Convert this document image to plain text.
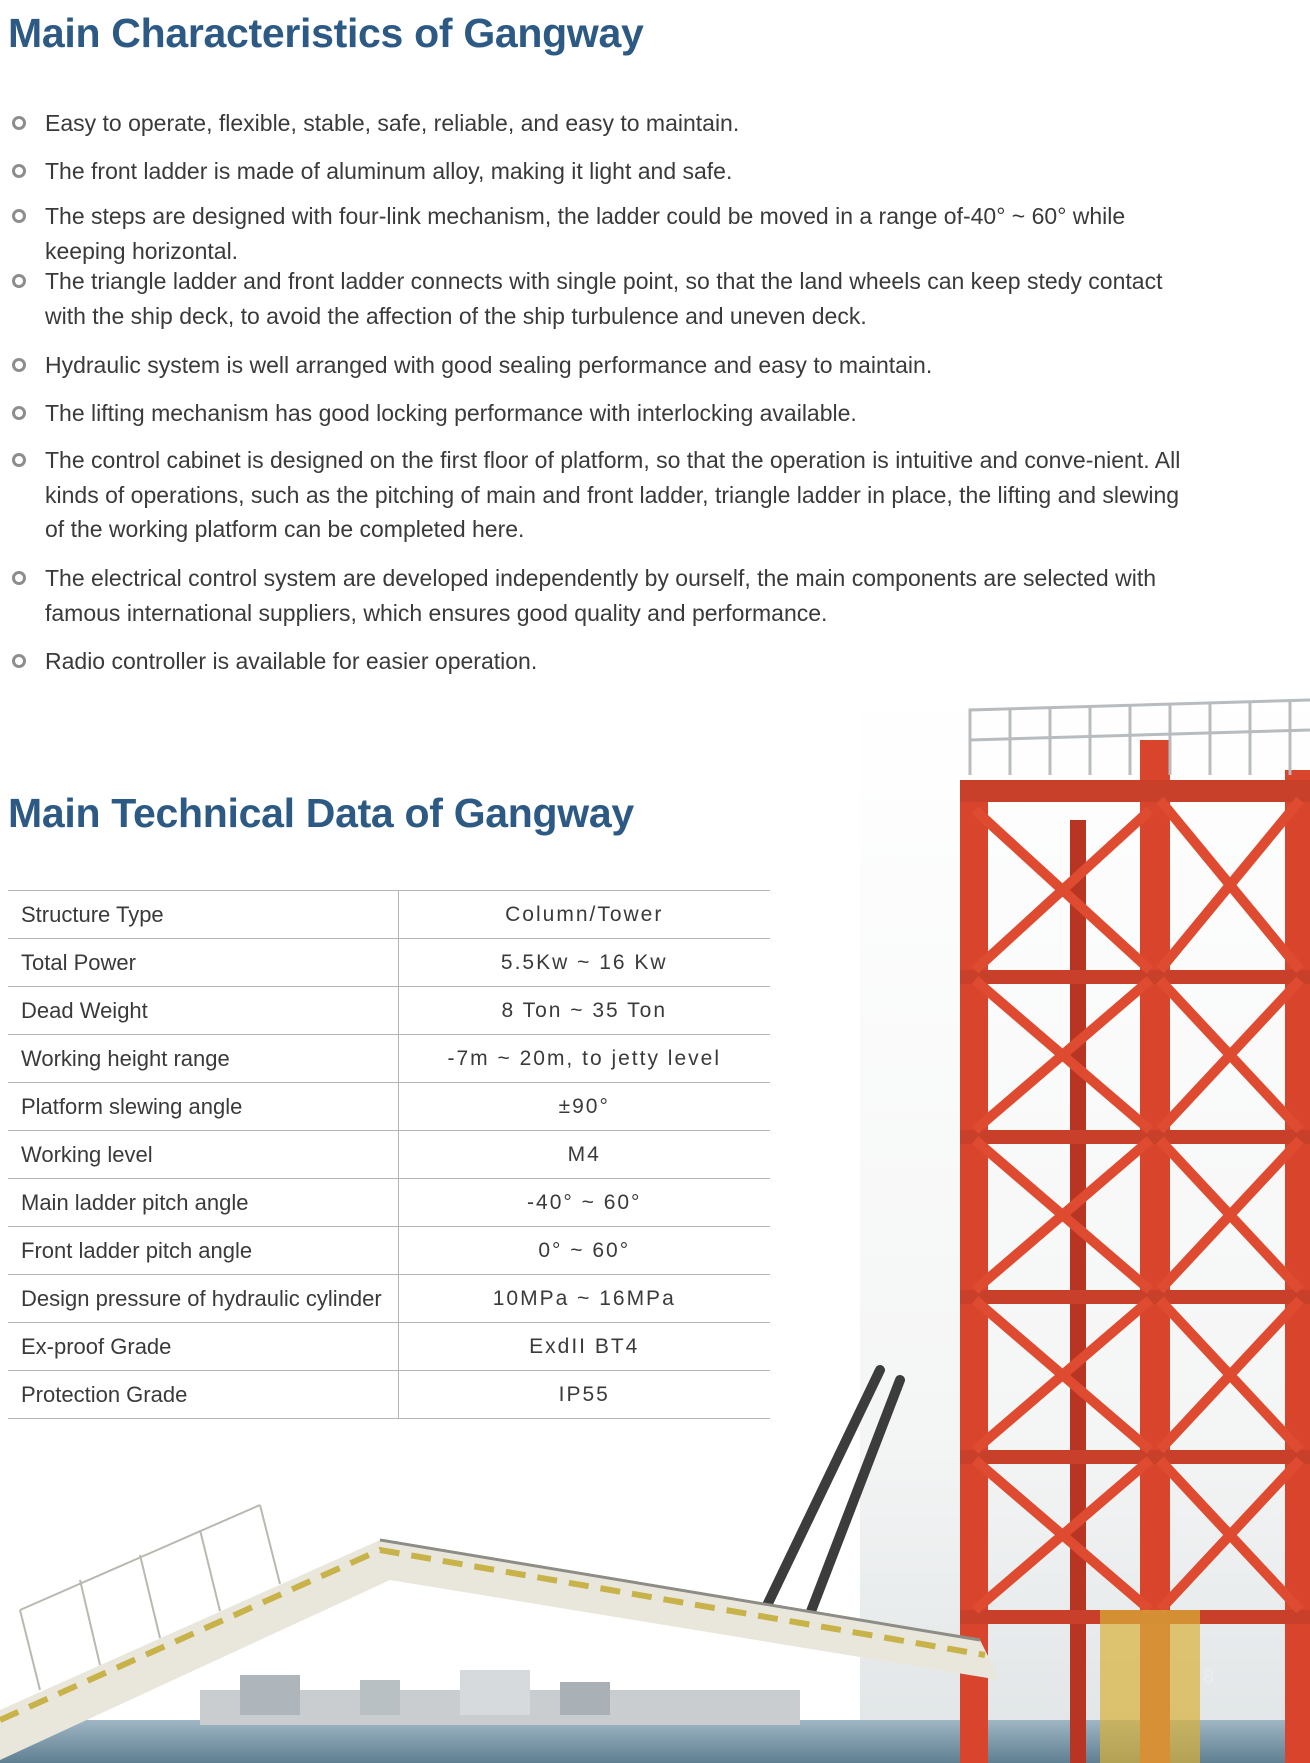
Main Characteristics of Gangway
Easy to operate, flexible, stable, safe, reliable, and easy to maintain.
The front ladder is made of aluminum alloy, making it light and safe.
The steps are designed with four-link mechanism, the ladder could be moved in a range of-40° ~ 60° while keeping horizontal.
The triangle ladder and front ladder connects with single point, so that the land wheels can keep stedy contact with the ship deck, to avoid the affection of the ship turbulence and uneven deck.
Hydraulic system is well arranged with good sealing performance and easy to maintain.
The lifting mechanism has good locking performance with interlocking available.
The control cabinet is designed on the first floor of platform, so that the operation is intuitive and conve-nient. All kinds of operations, such as the pitching of main and front ladder, triangle ladder in place, the lifting and slewing of the working platform can be completed here.
The electrical control system are developed independently by ourself, the main components are selected with famous international suppliers, which ensures good quality and performance.
Radio controller is available for easier operation.
Main Technical Data of Gangway
Structure Type	Column/Tower
Total Power	5.5Kw ~ 16 Kw
Dead Weight	8 Ton ~ 35 Ton
Working height range	-7m ~ 20m, to jetty level
Platform slewing angle	±90°
Working level	M4
Main ladder pitch angle	-40° ~ 60°
Front ladder pitch angle	0° ~ 60°
Design pressure of hydraulic cylinder	10MPa ~ 16MPa
Ex-proof Grade	ExdII BT4
Protection Grade	IP55
8
